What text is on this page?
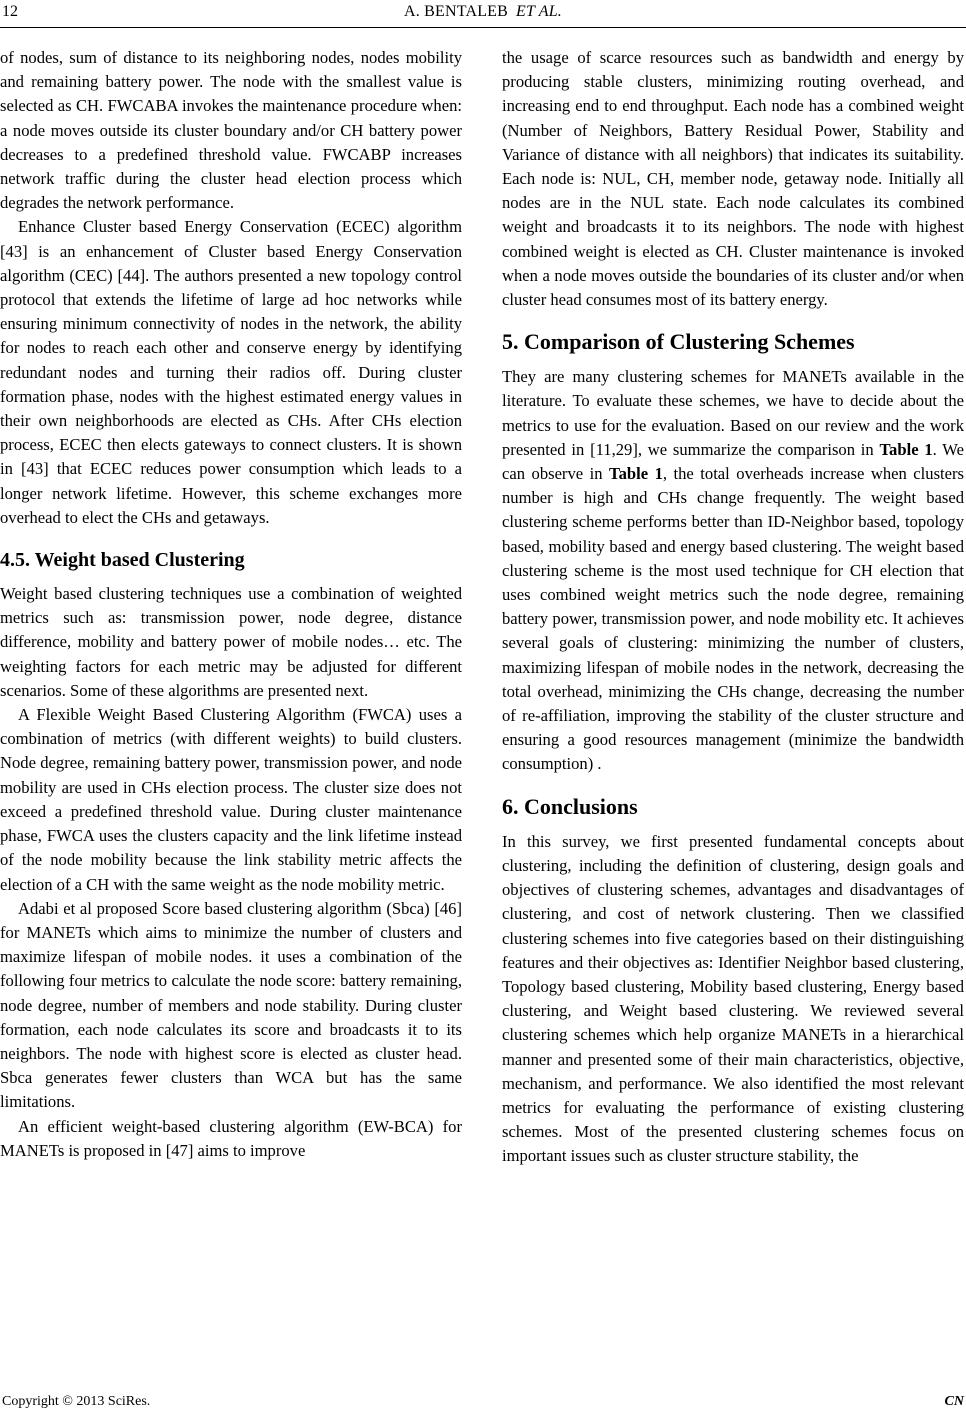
12	A. BENTALEB ET AL.

of nodes, sum of distance to its neighboring nodes, nodes mobility and remaining battery power. The node with the smallest value is selected as CH. FWCABA invokes the maintenance procedure when: a node moves outside its cluster boundary and/or CH battery power decreases to a predefined threshold value. FWCABP increases network traffic during the cluster head election process which degrades the network performance.

Enhance Cluster based Energy Conservation (ECEC) algorithm [43] is an enhancement of Cluster based Energy Conservation algorithm (CEC) [44]. The authors presented a new topology control protocol that extends the lifetime of large ad hoc networks while ensuring minimum connectivity of nodes in the network, the ability for nodes to reach each other and conserve energy by identifying redundant nodes and turning their radios off. During cluster formation phase, nodes with the highest estimated energy values in their own neighborhoods are elected as CHs. After CHs election process, ECEC then elects gateways to connect clusters. It is shown in [43] that ECEC reduces power consumption which leads to a longer network lifetime. However, this scheme exchanges more overhead to elect the CHs and getaways.

4.5. Weight based Clustering

Weight based clustering techniques use a combination of weighted metrics such as: transmission power, node degree, distance difference, mobility and battery power of mobile nodes… etc. The weighting factors for each metric may be adjusted for different scenarios. Some of these algorithms are presented next.

A Flexible Weight Based Clustering Algorithm (FWCA) uses a combination of metrics (with different weights) to build clusters. Node degree, remaining battery power, transmission power, and node mobility are used in CHs election process. The cluster size does not exceed a predefined threshold value. During cluster maintenance phase, FWCA uses the clusters capacity and the link lifetime instead of the node mobility because the link stability metric affects the election of a CH with the same weight as the node mobility metric.

Adabi et al proposed Score based clustering algorithm (Sbca) [46] for MANETs which aims to minimize the number of clusters and maximize lifespan of mobile nodes. it uses a combination of the following four metrics to calculate the node score: battery remaining, node degree, number of members and node stability. During cluster formation, each node calculates its score and broadcasts it to its neighbors. The node with highest score is elected as cluster head. Sbca generates fewer clusters than WCA but has the same limitations.

An efficient weight-based clustering algorithm (EW-BCA) for MANETs is proposed in [47] aims to improve

the usage of scarce resources such as bandwidth and energy by producing stable clusters, minimizing routing overhead, and increasing end to end throughput. Each node has a combined weight (Number of Neighbors, Battery Residual Power, Stability and Variance of distance with all neighbors) that indicates its suitability. Each node is: NUL, CH, member node, getaway node. Initially all nodes are in the NUL state. Each node calculates its combined weight and broadcasts it to its neighbors. The node with highest combined weight is elected as CH. Cluster maintenance is invoked when a node moves outside the boundaries of its cluster and/or when cluster head consumes most of its battery energy.

5. Comparison of Clustering Schemes

They are many clustering schemes for MANETs available in the literature. To evaluate these schemes, we have to decide about the metrics to use for the evaluation. Based on our review and the work presented in [11,29], we summarize the comparison in Table 1. We can observe in Table 1, the total overheads increase when clusters number is high and CHs change frequently. The weight based clustering scheme performs better than ID-Neighbor based, topology based, mobility based and energy based clustering. The weight based clustering scheme is the most used technique for CH election that uses combined weight metrics such the node degree, remaining battery power, transmission power, and node mobility etc. It achieves several goals of clustering: minimizing the number of clusters, maximizing lifespan of mobile nodes in the network, decreasing the total overhead, minimizing the CHs change, decreasing the number of re-affiliation, improving the stability of the cluster structure and ensuring a good resources management (minimize the bandwidth consumption) .

6. Conclusions

In this survey, we first presented fundamental concepts about clustering, including the definition of clustering, design goals and objectives of clustering schemes, advantages and disadvantages of clustering, and cost of network clustering. Then we classified clustering schemes into five categories based on their distinguishing features and their objectives as: Identifier Neighbor based clustering, Topology based clustering, Mobility based clustering, Energy based clustering, and Weight based clustering. We reviewed several clustering schemes which help organize MANETs in a hierarchical manner and presented some of their main characteristics, objective, mechanism, and performance. We also identified the most relevant metrics for evaluating the performance of existing clustering schemes. Most of the presented clustering schemes focus on important issues such as cluster structure stability, the

Copyright © 2013 SciRes.	CN
